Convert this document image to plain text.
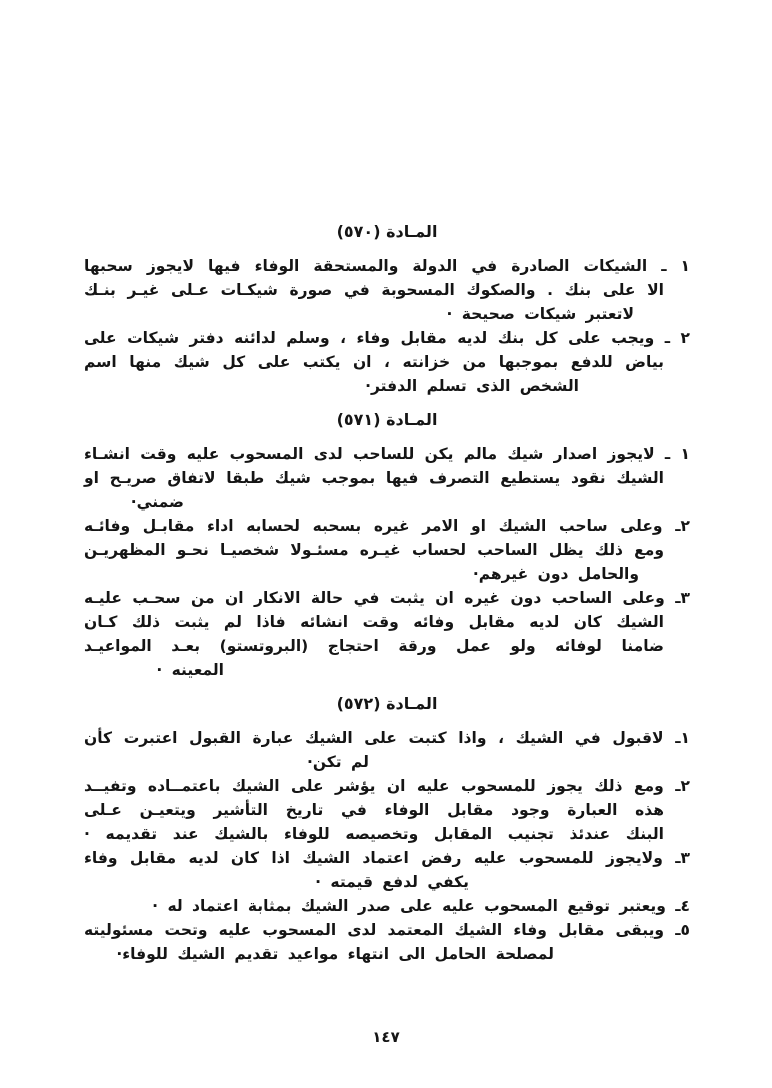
المـادة (٥٧٠)
١ ـ الشيكات الصادرة في الدولة والمستحقة الوفاء فيها لايجوز سحبها
الا على بنك . والصكوك المسحوبة في صورة شيكـات عـلى غيـر بنـك
لاتعتبر شيكات صحيحة ·
٢ ـ ويجب على كل بنك لديه مقابل وفاء ، وسلم لدائنه دفتر شيكات على
بياض للدفع بموجبها من خزانته ، ان يكتب على كل شيك منها اسم
الشخص الذى تسلم الدفتر·
المـادة (٥٧١)
١ ـ لايجوز اصدار شيك مالم يكن للساحب لدى المسحوب عليه وقت انشـاء
الشيك نقود يستطيع التصرف فيها بموجب شيك طبقا لاتفاق صريـح او
ضمني·
٢ـ وعلى ساحب الشيك او الامر غيره بسحبه لحسابه اداء مقابـل وفائـه
ومع ذلك يظل الساحب لحساب غيـره مسئـولا شخصيـا نحـو المظهريـن
والحامل دون غيرهم·
٣ـ وعلى الساحب دون غيره ان يثبت في حالة الانكار ان من سحـب عليـه
الشيك كان لديه مقابل وفائه وقت انشائه فاذا لم يثبت ذلك كـان
ضامنا لوفائه ولو عمل ورقة احتجاج (البروتستو) بعـد المواعيـد
المعينه ·
المـادة (٥٧٢)
١ـ لاقبول في الشيك ، واذا كتبت على الشيك عبارة القبول اعتبرت كأن
لم تكن·
٢ـ ومع ذلك يجوز للمسحوب عليه ان يؤشر على الشيك باعتمــاده وتفيــد
هذه العبارة وجود مقابل الوفاء في تاريخ التأشير ويتعيـن عـلى
البنك عندئذ تجنيب المقابل وتخصيصه للوفاء بالشيك عند تقديمه ·
٣ـ ولايجوز للمسحوب عليه رفض اعتماد الشيك اذا كان لديه مقابل وفاء
يكفي لدفع قيمته ·
٤ـ ويعتبر توقيع المسحوب عليه على صدر الشيك بمثابة اعتماد له ·
٥ـ ويبقى مقابل وفاء الشيك المعتمد لدى المسحوب عليه وتحت مسئوليته
لمصلحة الحامل الى انتهاء مواعيد تقديم الشيك للوفاء·
١٤٧
